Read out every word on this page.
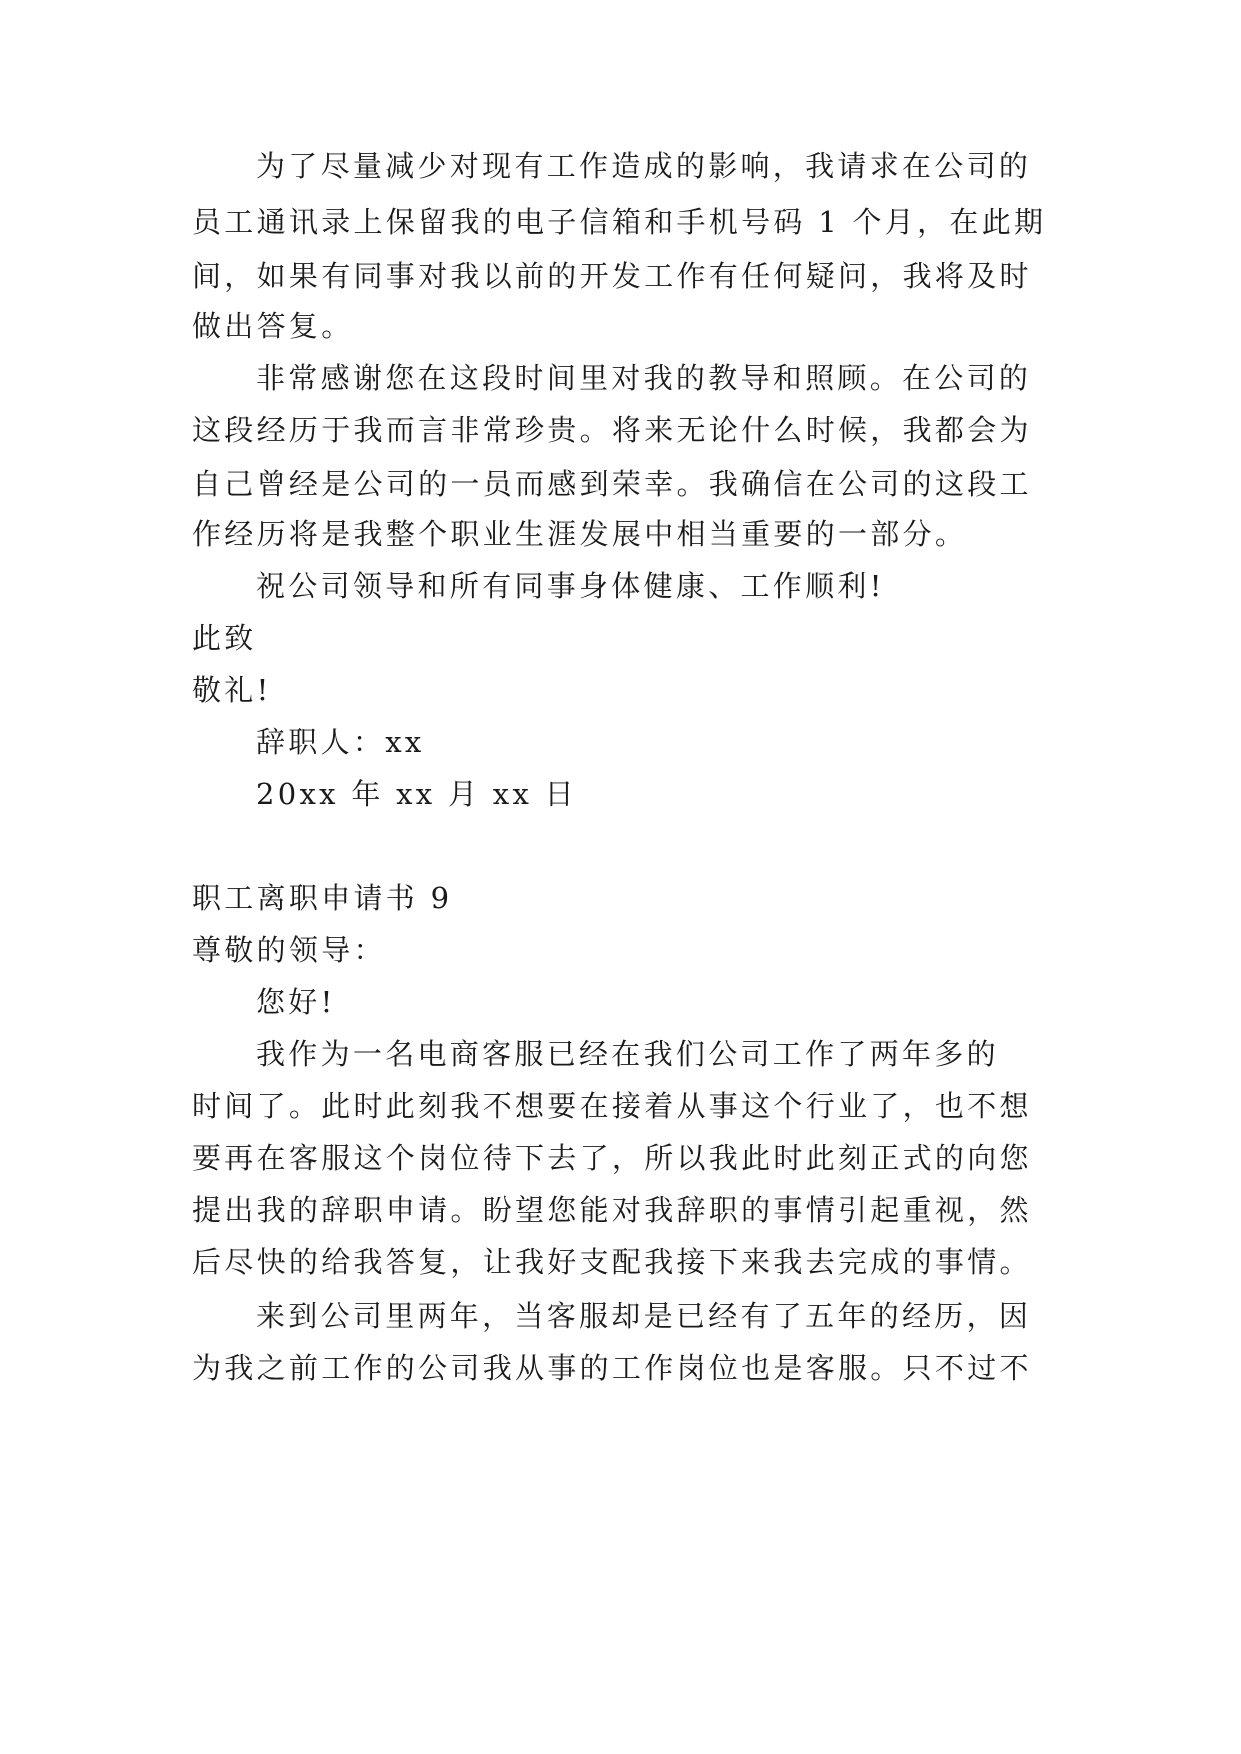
为了尽量减少对现有工作造成的影响，我请求在公司的
员工通讯录上保留我的电子信箱和手机号码 1 个月，在此期
间，如果有同事对我以前的开发工作有任何疑问，我将及时
做出答复。
非常感谢您在这段时间里对我的教导和照顾。在公司的
这段经历于我而言非常珍贵。将来无论什么时候，我都会为
自己曾经是公司的一员而感到荣幸。我确信在公司的这段工
作经历将是我整个职业生涯发展中相当重要的一部分。
祝公司领导和所有同事身体健康、工作顺利!
此致
敬礼!
辞职人：xx
20xx 年 xx 月 xx 日
职工离职申请书 9
尊敬的领导：
您好!
我作为一名电商客服已经在我们公司工作了两年多的
时间了。此时此刻我不想要在接着从事这个行业了，也不想
要再在客服这个岗位待下去了，所以我此时此刻正式的向您
提出我的辞职申请。盼望您能对我辞职的事情引起重视，然
后尽快的给我答复，让我好支配我接下来我去完成的事情。
来到公司里两年，当客服却是已经有了五年的经历，因
为我之前工作的公司我从事的工作岗位也是客服。只不过不
